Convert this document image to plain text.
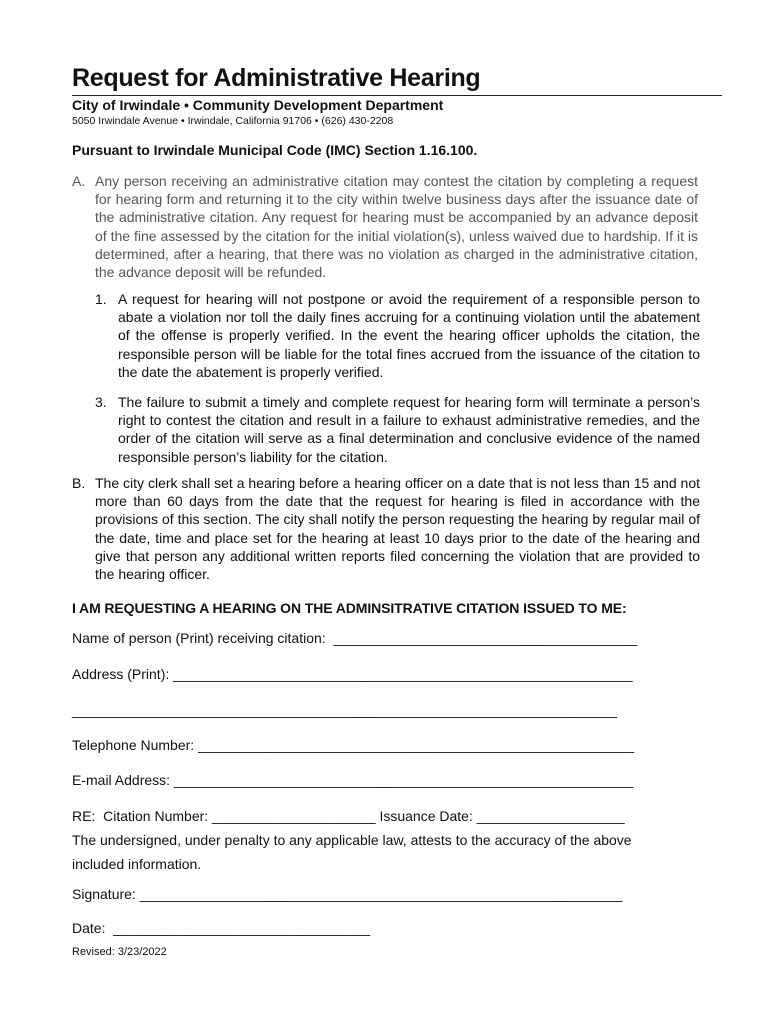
Request for Administrative Hearing
City of Irwindale • Community Development Department
5050 Irwindale Avenue • Irwindale, California 91706 • (626) 430-2208
Pursuant to Irwindale Municipal Code (IMC) Section 1.16.100.
A. Any person receiving an administrative citation may contest the citation by completing a request for hearing form and returning it to the city within twelve business days after the issuance date of the administrative citation. Any request for hearing must be accompanied by an advance deposit of the fine assessed by the citation for the initial violation(s), unless waived due to hardship. If it is determined, after a hearing, that there was no violation as charged in the administrative citation, the advance deposit will be refunded.
1. A request for hearing will not postpone or avoid the requirement of a responsible person to abate a violation nor toll the daily fines accruing for a continuing violation until the abatement of the offense is properly verified. In the event the hearing officer upholds the citation, the responsible person will be liable for the total fines accrued from the issuance of the citation to the date the abatement is properly verified.
3. The failure to submit a timely and complete request for hearing form will terminate a person’s right to contest the citation and result in a failure to exhaust administrative remedies, and the order of the citation will serve as a final determination and conclusive evidence of the named responsible person’s liability for the citation.
B. The city clerk shall set a hearing before a hearing officer on a date that is not less than 15 and not more than 60 days from the date that the request for hearing is filed in accordance with the provisions of this section. The city shall notify the person requesting the hearing by regular mail of the date, time and place set for the hearing at least 10 days prior to the date of the hearing and give that person any additional written reports filed concerning the violation that are provided to the hearing officer.
I AM REQUESTING A HEARING ON THE ADMINSITRATIVE CITATION ISSUED TO ME:
Name of person (Print) receiving citation:  _______________________________________
Address (Print): ___________________________________________________________
______________________________________________________________________
Telephone Number: ________________________________________________________
E-mail Address: ___________________________________________________________
RE:  Citation Number: _____________________ Issuance Date: ___________________
The undersigned, under penalty to any applicable law, attests to the accuracy of the above
included information.
Signature: ______________________________________________________________
Date:  _________________________________
Revised: 3/23/2022
